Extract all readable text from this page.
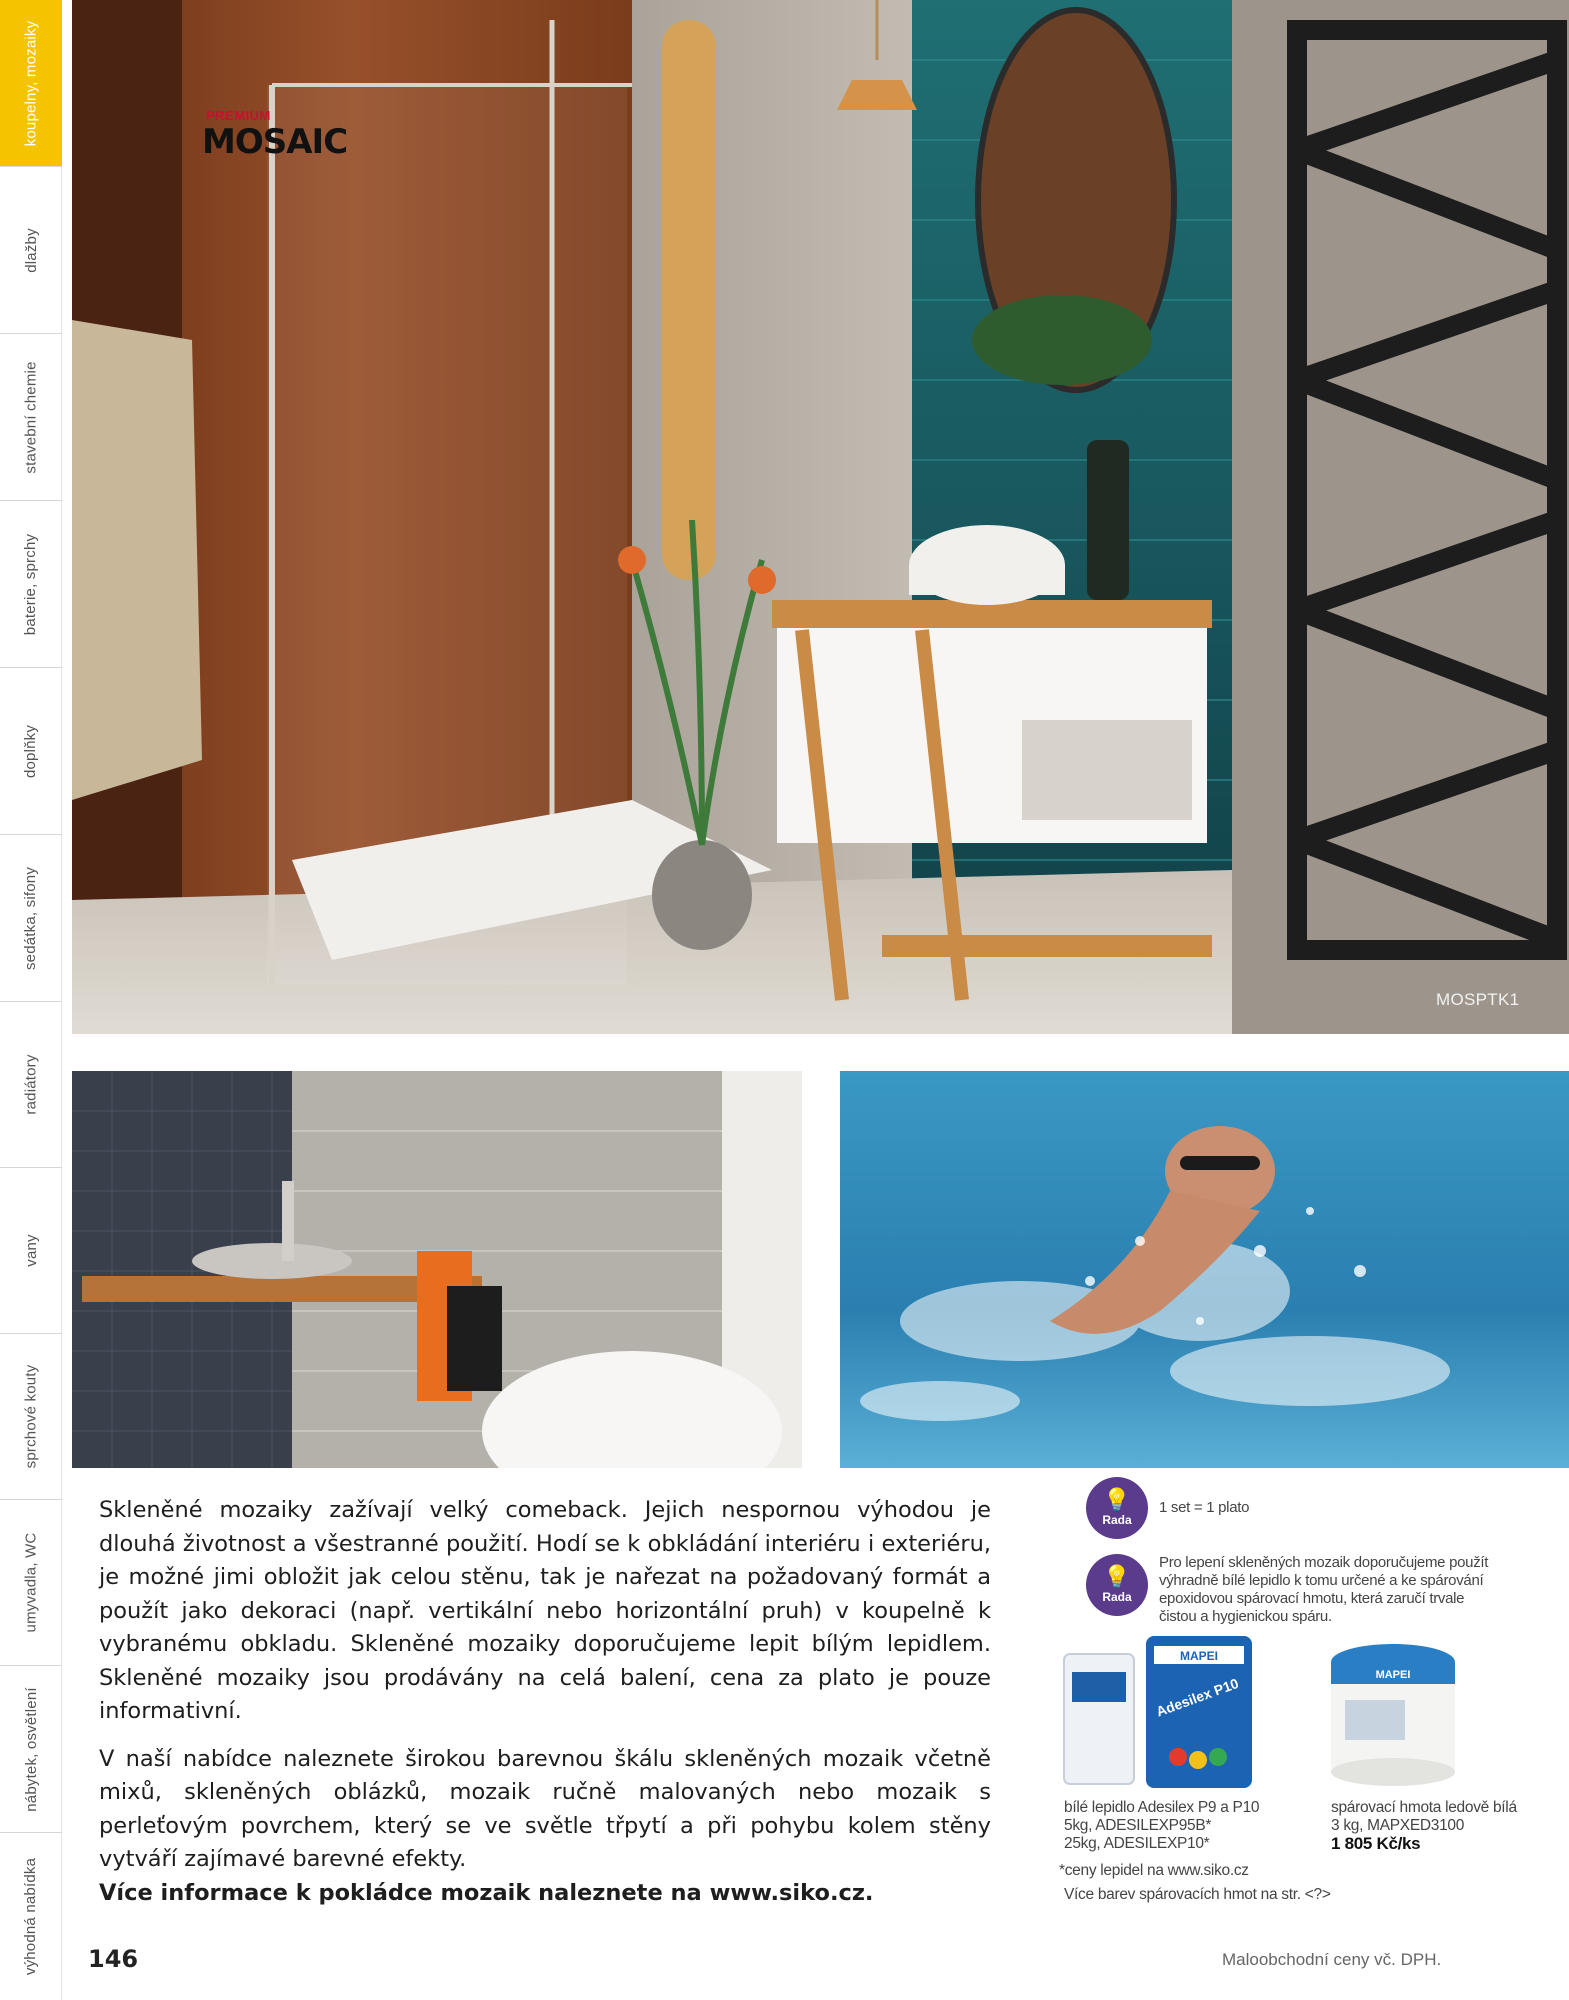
koupelny, mozaiky
dlažby
stavební chemie
baterie, sprchy
doplňky
sedátka, sifony
radiátory
vany
sprchové kouty
umyvadla, WC
nábytek, osvětlení
výhodná nabídka
PREMIUM
MOSAIC
MOSPTK1

Skleněné mozaiky zažívají velký comeback. Jejich nespornou výhodou je dlouhá životnost a všestranné použití. Hodí se k obkládání interiéru i exteriéru, je možné jimi obložit jak celou stěnu, tak je nařezat na požadovaný formát a použít jako dekoraci (např. vertikální nebo horizontální pruh) v koupelně k vybranému obkladu. Skleněné mozaiky doporučujeme lepit bílým lepidlem. Skleněné mozaiky jsou prodávány na celá balení, cena za plato je pouze informativní.

V naší nabídce naleznete širokou barevnou škálu skleněných mozaik včetně mixů, skleněných oblázků, mozaik ručně malovaných nebo mozaik s perleťovým povrchem, který se ve světle třpytí a při pohybu kolem stěny vytváří zajímavé barevné efekty.

Více informace k pokládce mozaik naleznete na www.siko.cz.

💡
Rada
1 set = 1 plato
💡
Rada
Pro lepení skleněných mozaik doporučujeme použít výhradně bílé lepidlo k tomu určené a ke spárování epoxidovou spárovací hmotu, která zaručí trvale čistou a hygienickou spáru.
MAPEI
Adesilex P10
MAPEI
bílé lepidlo Adesilex P9 a P10
5kg, ADESILEXP95B*
25kg, ADESILEXP10*
spárovací hmota ledově bílá
3 kg, MAPXED3100
1 805 Kč/ks
*ceny lepidel na www.siko.cz
Více barev spárovacích hmot na str. <?>
146	Maloobchodní ceny vč. DPH.
